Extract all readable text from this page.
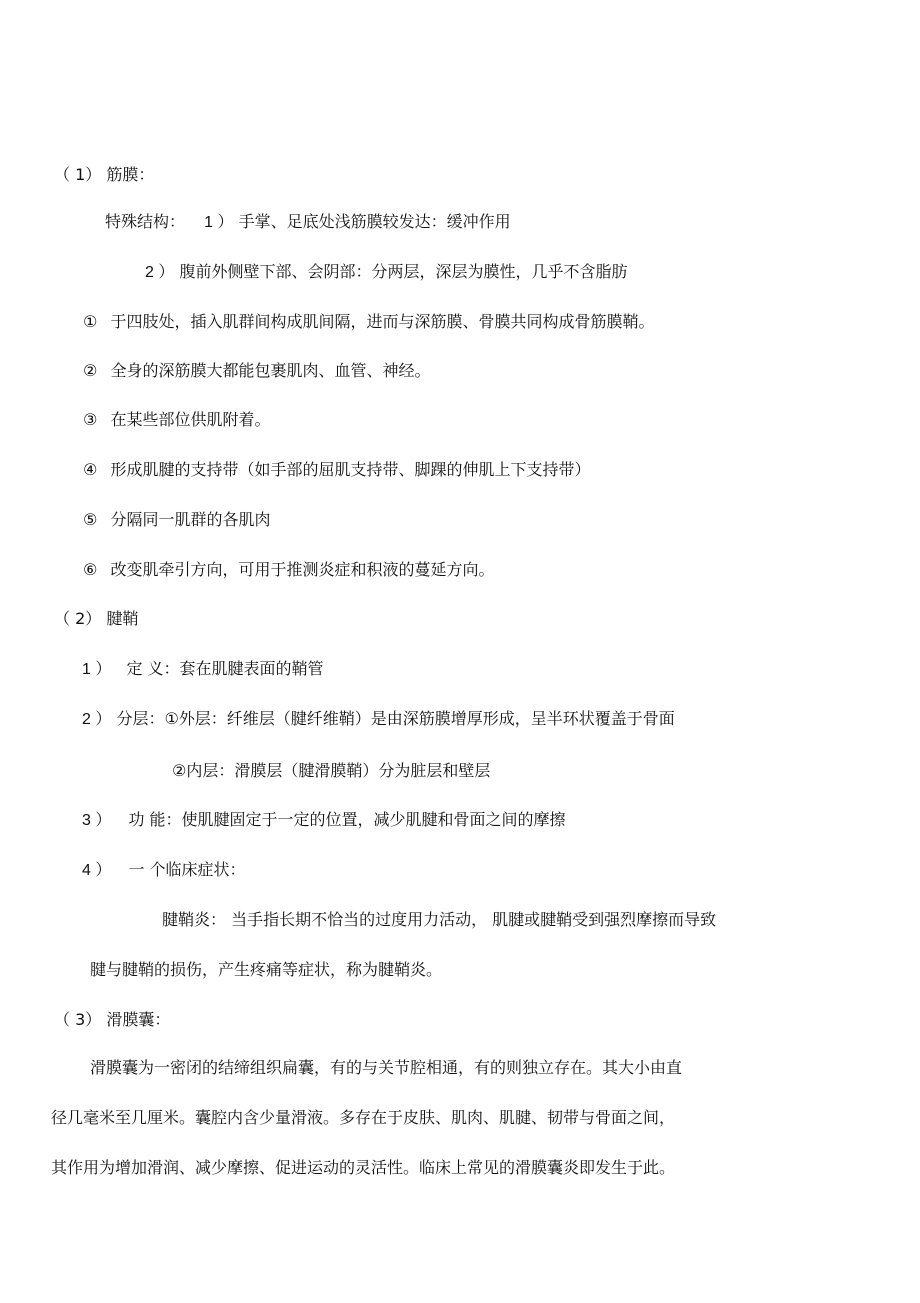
（ 1） 筋膜：
特殊结构： 1 ） 手掌、足底处浅筋膜较发达：缓冲作用
2 ） 腹前外侧壁下部、会阴部：分两层，深层为膜性，几乎不含脂肪
① 于四肢处，插入肌群间构成肌间隔，进而与深筋膜、骨膜共同构成骨筋膜鞘。
② 全身的深筋膜大都能包裹肌肉、血管、神经。
③ 在某些部位供肌附着。
④ 形成肌腱的支持带（如手部的屈肌支持带、脚踝的伸肌上下支持带）
⑤ 分隔同一肌群的各肌肉
⑥ 改变肌牵引方向，可用于推测炎症和积液的蔓延方向。
（ 2） 腱鞘
1 ） 定 义：套在肌腱表面的鞘管
2 ） 分层：①外层：纤维层（腱纤维鞘）是由深筋膜增厚形成，呈半环状覆盖于骨面
②内层：滑膜层（腱滑膜鞘）分为脏层和壁层
3 ） 功 能：使肌腱固定于一定的位置，减少肌腱和骨面之间的摩擦
4 ） 一 个临床症状：
腱鞘炎： 当手指长期不恰当的过度用力活动， 肌腱或腱鞘受到强烈摩擦而导致
腱与腱鞘的损伤，产生疼痛等症状，称为腱鞘炎。
（ 3） 滑膜囊：
滑膜囊为一密闭的结缔组织扁囊，有的与关节腔相通，有的则独立存在。其大小由直
径几毫米至几厘米。囊腔内含少量滑液。多存在于皮肤、肌肉、肌腱、韧带与骨面之间，
其作用为增加滑润、减少摩擦、促进运动的灵活性。临床上常见的滑膜囊炎即发生于此。
